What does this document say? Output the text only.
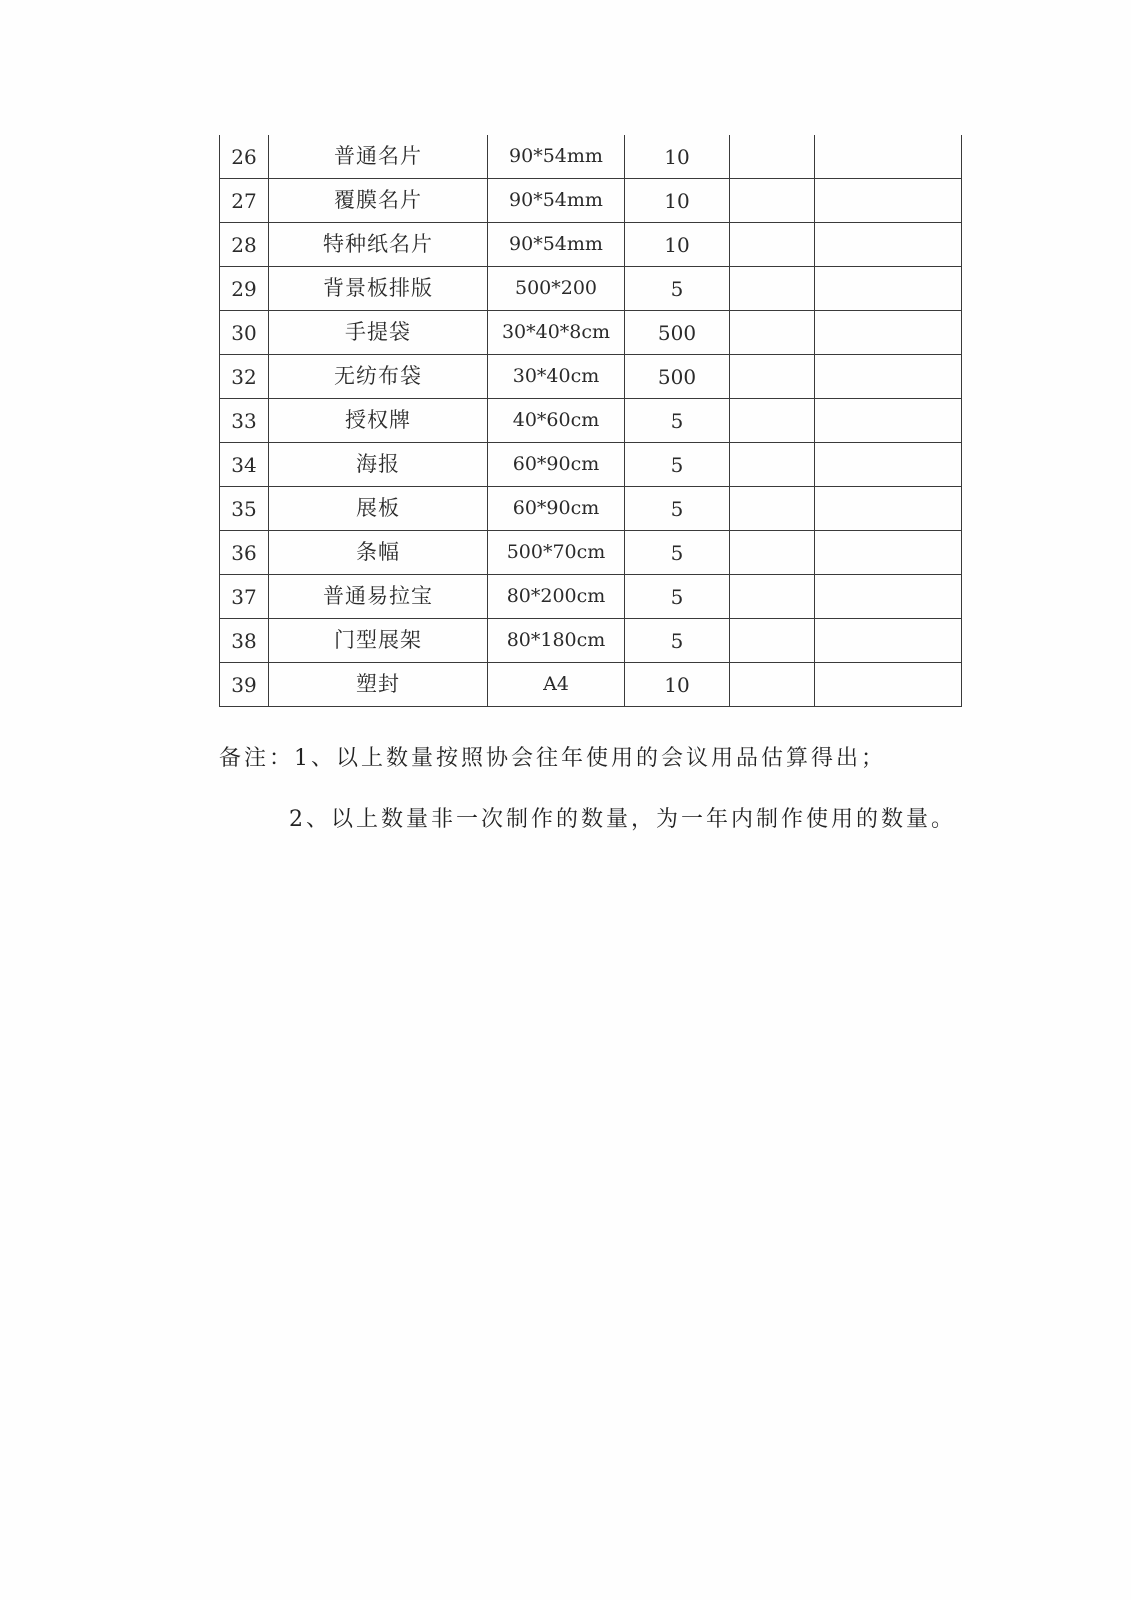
26	普通名片	90*54mm	10		
27	覆膜名片	90*54mm	10		
28	特种纸名片	90*54mm	10		
29	背景板排版	500*200	5		
30	手提袋	30*40*8cm	500		
32	无纺布袋	30*40cm	500		
33	授权牌	40*60cm	5		
34	海报	60*90cm	5		
35	展板	60*90cm	5		
36	条幅	500*70cm	5		
37	普通易拉宝	80*200cm	5		
38	门型展架	80*180cm	5		
39	塑封	A4	10		
备注：1、以上数量按照协会往年使用的会议用品估算得出；
2、以上数量非一次制作的数量，为一年内制作使用的数量。
